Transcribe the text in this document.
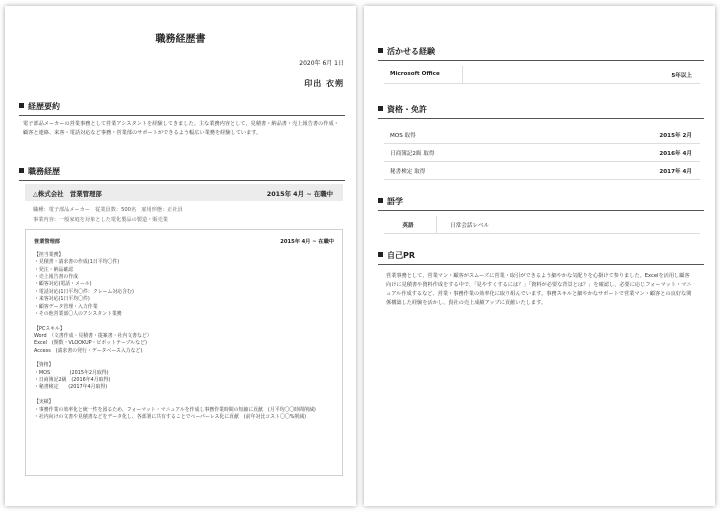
職務経歴書
2020年 6月 1日
印出 衣朔
経歴要約
電子部品メーカーの営業事務として営業アシスタントを経験してきました。主な業務内容として、見積書・納品書・売上報告書の作成・顧客と連絡、来客・電話対応など事務・営業部のサポートができるよう幅広い業務を経験しています。
職務経歴
△株式会社　営業管理部	2015年 4月 ~ 在職中
職種：電子部品メーカー　従業員数：500名　雇用形態：正社員
事業内容：一般家庭を対象とした電化製品の製造・販売業
営業管理部	2015年 4月 ~ 在職中
【担当業務】
・見積書・請求書の作成(1日平均〇件)
・発注・納品確認
・売上報告書の作成
・顧客対応(電話・メール)
・電話対応(1日平均〇件：クレーム対応含む)
・来客対応(1日平均〇件)
・顧客データ管理・入力作業
・その他営業部〇人のアシスタント業務

【PCスキル】
Word　（文書作成・見積書・提案書・社内文書など）
Excel　(関数・VLOOKUP・ピボットテーブルなど)
Access　(請求書の発行・データベース入力など)

【資格】
・MOS　　　　(2015年2月取得)
・日商簿記2級　(2016年4月取得)
・秘書検定　　(2017年4月取得)

【実績】
・事務作業の効率化と統一性を図るため、フォーマット・マニュアルを作成し事務作業時間の短縮に貢献　(月平均〇〇時間削減)
・社内向けの文書や見積書などをデータ化し、各部署に共有することでペーパーレス化に貢献　(前年対比コスト〇〇%削減)
活かせる経験
Microsoft Office	5年以上
資格・免許
MOS 取得	2015年 2月
日商簿記2級 取得	2016年 4月
秘書検定 取得	2017年 4月
語学
英語	日常会話レベル
自己PR
営業事務として、営業マン・顧客がスムーズに営業・取引ができるよう細やかな気配りを心掛けて参りました。Excelを活用し顧客向けに見積書や資料作成をする中で、「見やすくするには？」「資料が必要な背景とは？」を確認し、必要に応じフォーマット・マニュアル作成するなど、営業・事務作業の効率化に取り組んでいます。事務スキルと細やかなサポートで営業マン・顧客との良好な関係構築した経験を活かし、貴社の売上成績アップに貢献いたします。
